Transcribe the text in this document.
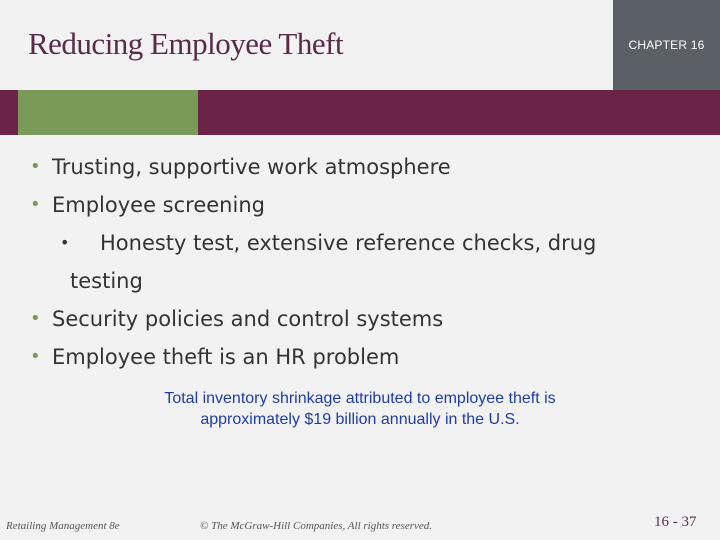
Reducing Employee Theft	CHAPTER 16
• Trusting, supportive work atmosphere
• Employee screening
• Honesty test, extensive reference checks, drug
testing
• Security policies and control systems
• Employee theft is an HR problem
Total inventory shrinkage attributed to employee theft is
approximately $19 billion annually in the U.S.
Retailing Management 8e	© The McGraw-Hill Companies, All rights reserved.	16 - 37
